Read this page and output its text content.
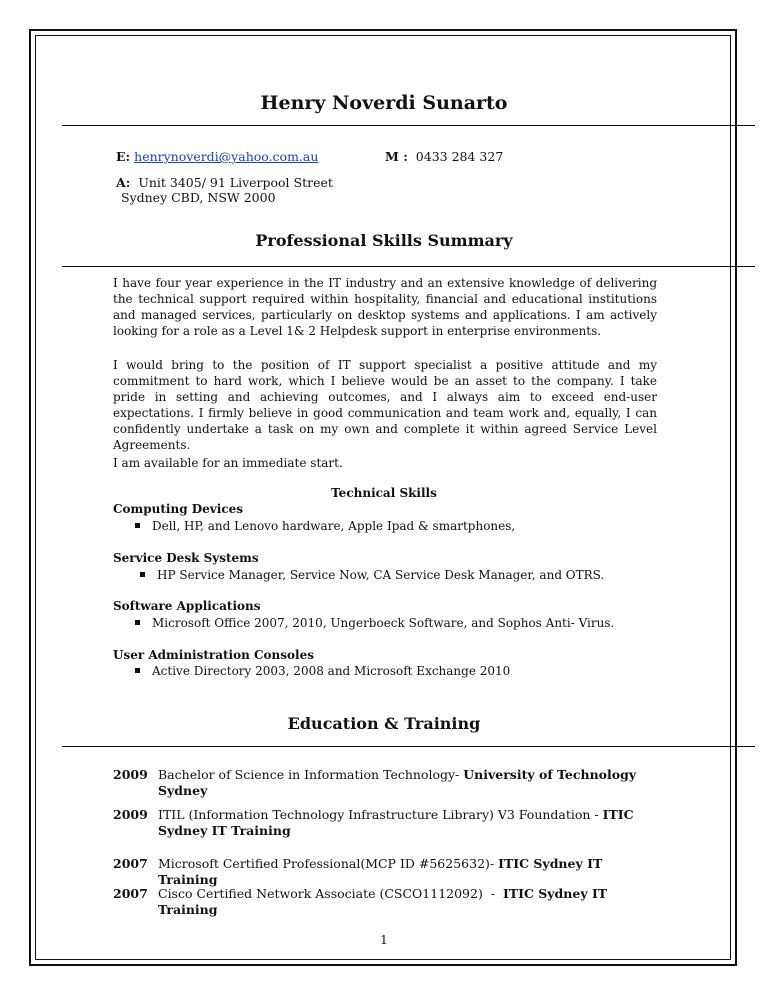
Henry Noverdi Sunarto
E: henrynoverdi@yahoo.com.au	M : 0433 284 327
A: Unit 3405/ 91 Liverpool Street
Sydney CBD, NSW 2000
Professional Skills Summary
I have four year experience in the IT industry and an extensive knowledge of delivering the technical support required within hospitality, financial and educational institutions and managed services, particularly on desktop systems and applications. I am actively looking for a role as a Level 1& 2 Helpdesk support in enterprise environments.
I would bring to the position of IT support specialist a positive attitude and my commitment to hard work, which I believe would be an asset to the company. I take pride in setting and achieving outcomes, and I always aim to exceed end-user expectations. I firmly believe in good communication and team work and, equally, I can confidently undertake a task on my own and complete it within agreed Service Level Agreements.
I am available for an immediate start.
Technical Skills
Computing Devices
Dell, HP, and Lenovo hardware, Apple Ipad & smartphones,
Service Desk Systems
HP Service Manager, Service Now, CA Service Desk Manager, and OTRS.
Software Applications
Microsoft Office 2007, 2010, Ungerboeck Software, and Sophos Anti- Virus.
User Administration Consoles
Active Directory 2003, 2008 and Microsoft Exchange 2010
Education & Training
2009 Bachelor of Science in Information Technology- University of Technology Sydney
2009 ITIL (Information Technology Infrastructure Library) V3 Foundation - ITIC Sydney IT Training
2007 Microsoft Certified Professional(MCP ID #5625632)- ITIC Sydney IT Training
2007 Cisco Certified Network Associate (CSCO1112092)  -  ITIC Sydney IT Training
1
